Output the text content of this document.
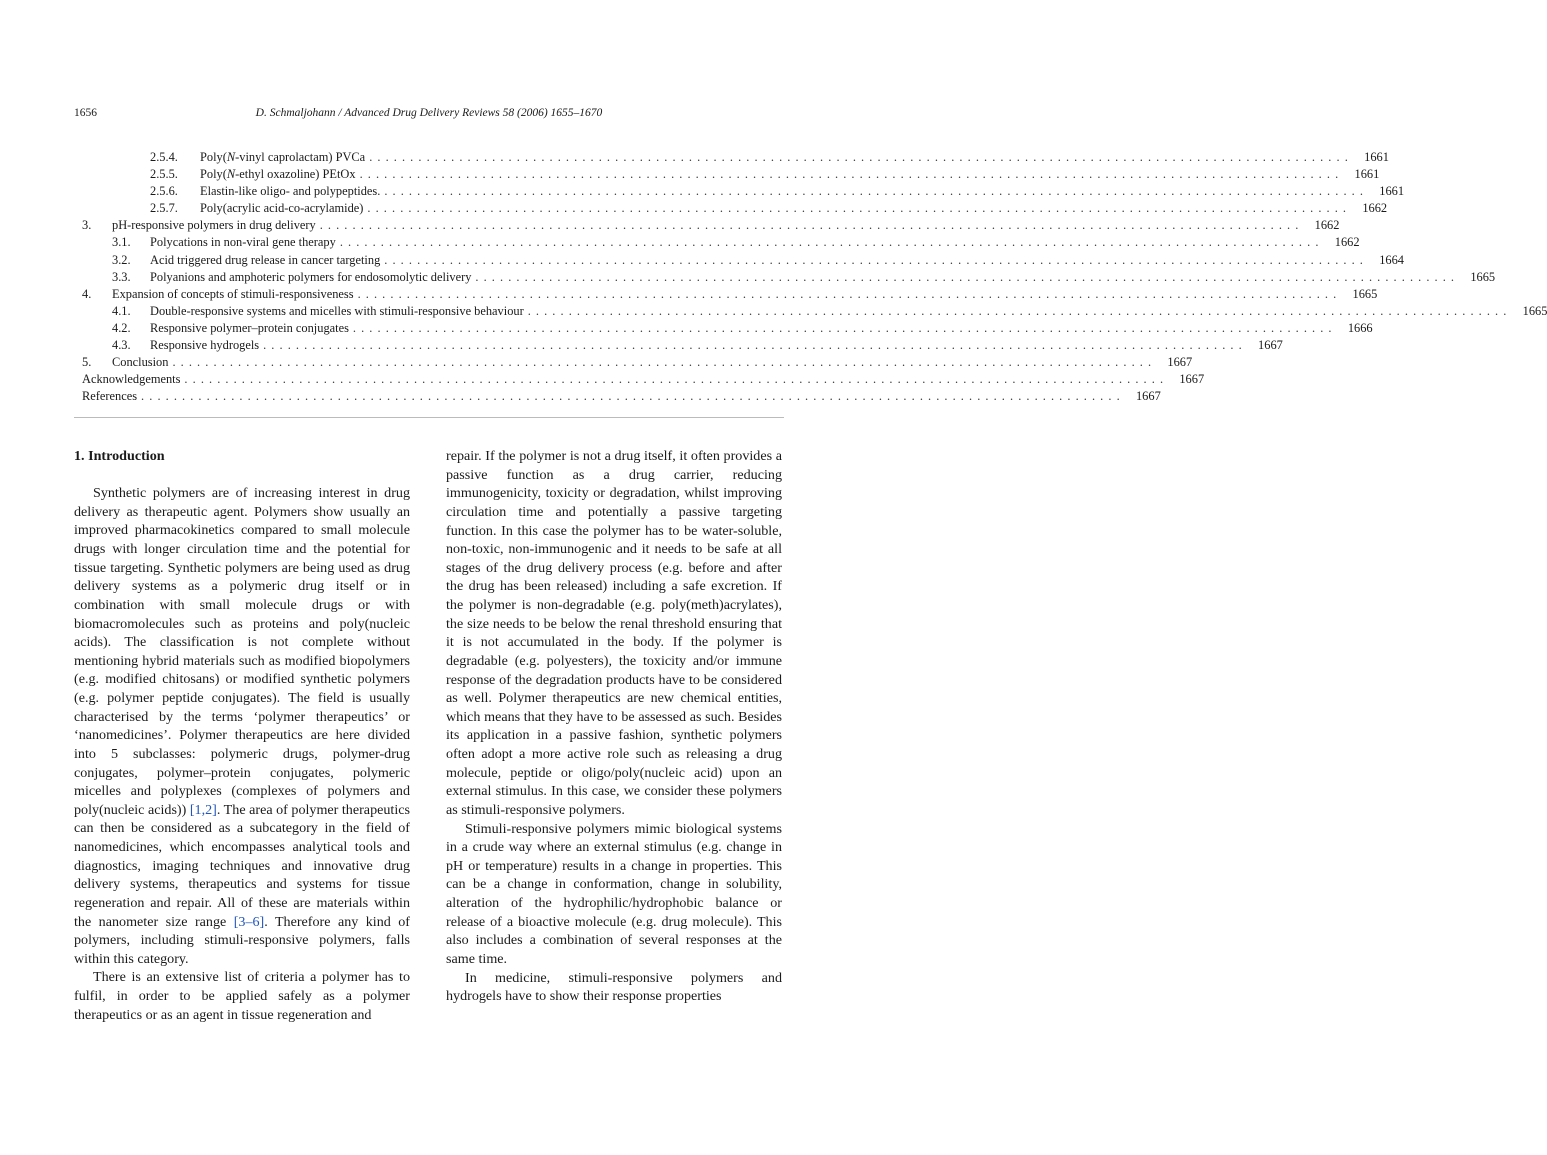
1656	D. Schmaljohann / Advanced Drug Delivery Reviews 58 (2006) 1655–1670
2.5.4.	Poly(N-vinyl caprolactam) PVCa ........................................................................................................................ 1661
2.5.5.	Poly(N-ethyl oxazoline) PEtOx ........................................................................................................................ 1661
2.5.6.	Elastin-like oligo- and polypeptides. ........................................................................................................................ 1661
2.5.7.	Poly(acrylic acid-co-acrylamide) ........................................................................................................................ 1662
3.	pH-responsive polymers in drug delivery ........................................................................................................................ 1662
3.1.	Polycations in non-viral gene therapy ........................................................................................................................ 1662
3.2.	Acid triggered drug release in cancer targeting ........................................................................................................................ 1664
3.3.	Polyanions and amphoteric polymers for endosomolytic delivery ........................................................................................................................ 1665
4.	Expansion of concepts of stimuli-responsiveness ........................................................................................................................ 1665
4.1.	Double-responsive systems and micelles with stimuli-responsive behaviour ........................................................................................................................ 1665
4.2.	Responsive polymer–protein conjugates ........................................................................................................................ 1666
4.3.	Responsive hydrogels ........................................................................................................................ 1667
5.	Conclusion ........................................................................................................................ 1667
Acknowledgements ........................................................................................................................ 1667
References ........................................................................................................................ 1667
1. Introduction

Synthetic polymers are of increasing interest in drug delivery as therapeutic agent. Polymers show usually an improved pharmacokinetics compared to small molecule drugs with longer circulation time and the potential for tissue targeting. Synthetic polymers are being used as drug delivery systems as a polymeric drug itself or in combination with small molecule drugs or with biomacromolecules such as proteins and poly(nucleic acids). The classification is not complete without mentioning hybrid materials such as modified biopolymers (e.g. modified chitosans) or modified synthetic polymers (e.g. polymer peptide conjugates). The field is usually characterised by the terms ‘polymer therapeutics’ or ‘nanomedicines’. Polymer therapeutics are here divided into 5 subclasses: polymeric drugs, polymer-drug conjugates, polymer–protein conjugates, polymeric micelles and polyplexes (complexes of polymers and poly(nucleic acids)) [1,2]. The area of polymer therapeutics can then be considered as a subcategory in the field of nanomedicines, which encompasses analytical tools and diagnostics, imaging techniques and innovative drug delivery systems, therapeutics and systems for tissue regeneration and repair. All of these are materials within the nanometer size range [3–6]. Therefore any kind of polymers, including stimuli-responsive polymers, falls within this category.

There is an extensive list of criteria a polymer has to fulfil, in order to be applied safely as a polymer therapeutics or as an agent in tissue regeneration and

repair. If the polymer is not a drug itself, it often provides a passive function as a drug carrier, reducing immunogenicity, toxicity or degradation, whilst improving circulation time and potentially a passive targeting function. In this case the polymer has to be water-soluble, non-toxic, non-immunogenic and it needs to be safe at all stages of the drug delivery process (e.g. before and after the drug has been released) including a safe excretion. If the polymer is non-degradable (e.g. poly(meth)acrylates), the size needs to be below the renal threshold ensuring that it is not accumulated in the body. If the polymer is degradable (e.g. polyesters), the toxicity and/or immune response of the degradation products have to be considered as well. Polymer therapeutics are new chemical entities, which means that they have to be assessed as such. Besides its application in a passive fashion, synthetic polymers often adopt a more active role such as releasing a drug molecule, peptide or oligo/poly(nucleic acid) upon an external stimulus. In this case, we consider these polymers as stimuli-responsive polymers.

Stimuli-responsive polymers mimic biological systems in a crude way where an external stimulus (e.g. change in pH or temperature) results in a change in properties. This can be a change in conformation, change in solubility, alteration of the hydrophilic/hydrophobic balance or release of a bioactive molecule (e.g. drug molecule). This also includes a combination of several responses at the same time.

In medicine, stimuli-responsive polymers and hydrogels have to show their response properties
